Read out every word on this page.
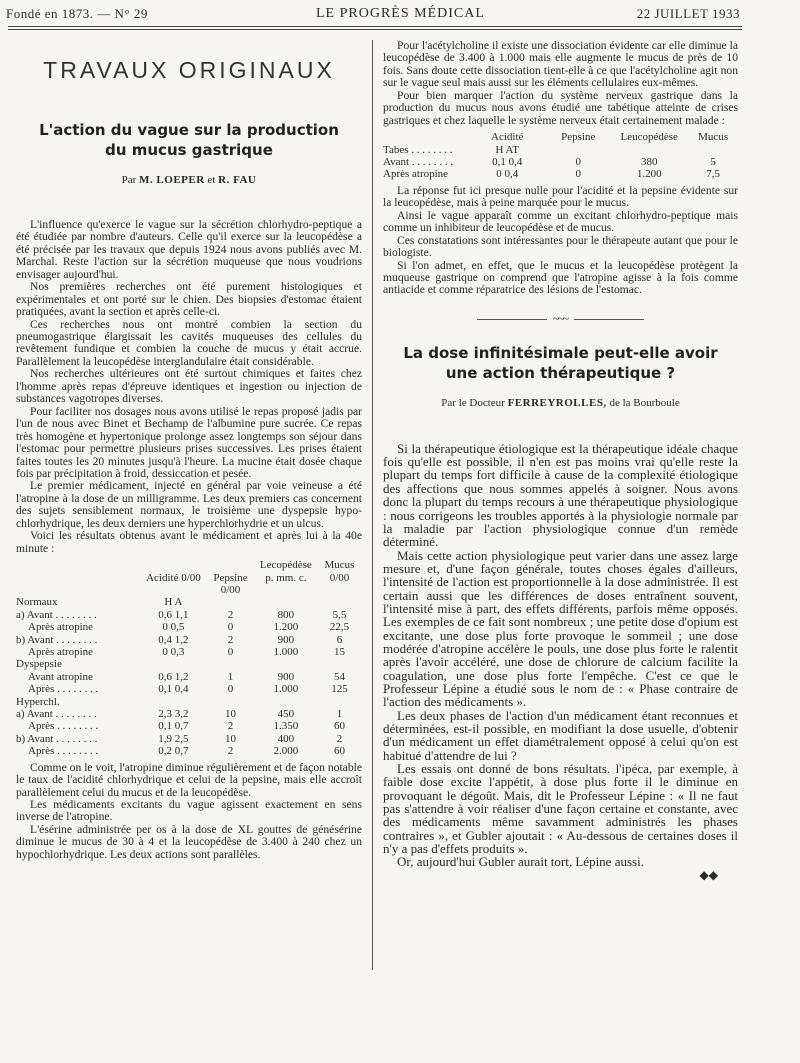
Fondé en 1873. — N° 29	LE PROGRÈS MÉDICAL	22 JUILLET 1933
TRAVAUX ORIGINAUX
L'action du vague sur la production
du mucus gastrique
Par M. LOEPER et R. FAU

L'influence qu'exerce le vague sur la sécrétion chlorhydro-peptique a été étudiée par nombre d'auteurs. Celle qu'il exerce sur la leucopédèse a été précisée par les travaux que depuis 1924 nous avons publiés avec M. Marchal. Reste l'action sur la sécrétion muqueuse que nous voudrions envisager aujourd'hui.

Nos premières recherches ont été purement histologiques et expérimentales et ont porté sur le chien. Des biopsies d'estomac étaient pratiquées, avant la section et après celle-ci.

Ces recherches nous ont montré combien la section du pneumogastrique élargissait les cavités muqueuses des cellules du revêtement fundique et combien la couche de mucus y était accrue. Parallèlement la leucopédèse interglandulaire était considérable.

Nos recherches ultérieures ont été surtout chimiques et faites chez l'homme après repas d'épreuve identiques et ingestion ou injection de substances vagotropes diverses.

Pour faciliter nos dosages nous avons utilisé le repas proposé jadis par l'un de nous avec Binet et Bechamp de l'albumine pure sucrée. Ce repas très homogène et hypertonique prolonge assez longtemps son séjour dans l'estomac pour permettre plusieurs prises successives. Les prises étaient faites toutes les 20 minutes jusqu'à l'heure. La mucine était dosée chaque fois par précipitation à froid, dessiccation et pesée.

Le premier médicament, injecté en général par voie veineuse a été l'atropine à la dose de un milligramme. Les deux premiers cas concernent des sujets sensiblement normaux, le troisième une dyspepsie hypo-chlorhydrique, les deux derniers une hyperchlorhydrie et un ulcus.

Voici les résultats obtenus avant le médicament et après lui à la 40e minute :

			Lecopédèse	Mucus
	Acidité 0/00	Pepsine 0/00	p. mm. c.	0/00
Normaux	H A			
a) Avant . . . . . . . .	0,6 1,1	2	800	5,5
Après atropine	0 0,5	0	1.200	22,5
b) Avant . . . . . . . .	0,4 1,2	2	900	6
Après atropine	0 0,3	0	1.000	15
Dyspepsie				
Avant atropine	0,6 1,2	1	900	54
Après . . . . . . . .	0,1 0,4	0	1.000	125
Hyperchl.				
a) Avant . . . . . . . .	2,3 3,2	10	450	1
Après . . . . . . . .	0,1 0,7	2	1.350	60
b) Avant . . . . . . . .	1,9 2,5	10	400	2
Après . . . . . . . .	0,2 0,7	2	2.000	60

Comme on le voit, l'atropine diminue régulièrement et de façon notable le taux de l'acidité chlorhydrique et celui de la pepsine, mais elle accroît parallèlement celui du mucus et de la leucopédèse.

Les médicaments excitants du vague agissent exactement en sens inverse de l'atropine.

L'ésérine administrée per os à la dose de XL gouttes de génésérine diminue le mucus de 30 à 4 et la leucopédèse de 3.400 à 240 chez un hypochlorhydrique. Les deux actions sont parallèles.

Pour l'acétylcholine il existe une dissociation évidente car elle diminue la leucopédèse de 3.400 à 1.000 mais elle augmente le mucus de près de 10 fois. Sans doute cette dissociation tient-elle à ce que l'acétylcholine agit non sur le vague seul mais aussi sur les éléments cellulaires eux-mêmes.

Pour bien marquer l'action du système nerveux gastrique dans la production du mucus nous avons étudié une tabétique atteinte de crises gastriques et chez laquelle le système nerveux était certainement malade :

	Acidité	Pepsine	Leucopédèse	Mucus
Tabes . . . . . . . .	H AT			
Avant . . . . . . . .	0,1 0,4	0	380	5
Après atropine	0 0,4	0	1.200	7,5

La réponse fut ici presque nulle pour l'acidité et la pepsine évidente sur la leucopédèse, mais à peine marquée pour le mucus.

Ainsi le vague apparaît comme un excitant chlorhydro-peptique mais comme un inhibiteur de leucopédèse et de mucus.

Ces constatations sont intéressantes pour le thérapeute autant que pour le biologiste.

Si l'on admet, en effet, que le mucus et la leucopédèse protègent la muqueuse gastrique on comprend que l'atropine agisse à la fois comme antiacide et comme réparatrice des lésions de l'estomac.

~~~
La dose infinitésimale peut-elle avoir
une action thérapeutique ?
Par le Docteur FERREYROLLES, de la Bourboule

Si la thérapeutique étiologique est la thérapeutique idéale chaque fois qu'elle est possible, il n'en est pas moins vrai qu'elle reste la plupart du temps fort difficile à cause de la complexité étiologique des affections que nous sommes appelés à soigner. Nous avons donc la plupart du temps recours à une thérapeutique physiologique : nous corrigeons les troubles apportés à la physiologie normale par la maladie par l'action physiologique connue d'un remède déterminé.

Mais cette action physiologique peut varier dans une assez large mesure et, d'une façon générale, toutes choses égales d'ailleurs, l'intensité de l'action est proportionnelle à la dose administrée. Il est certain aussi que les différences de doses entraînent souvent, l'intensité mise à part, des effets différents, parfois même opposés. Les exemples de ce fait sont nombreux ; une petite dose d'opium est excitante, une dose plus forte provoque le sommeil ; une dose modérée d'atropine accélère le pouls, une dose plus forte le ralentit après l'avoir accéléré, une dose de chlorure de calcium facilite la coagulation, une dose plus forte l'empêche. C'est ce que le Professeur Lépine a étudié sous le nom de : « Phase contraire de l'action des médicaments ».

Les deux phases de l'action d'un médicament étant reconnues et déterminées, est-il possible, en modifiant la dose usuelle, d'obtenir d'un médicament un effet diamétralement opposé à celui qu'on est habitué d'attendre de lui ?

Les essais ont donné de bons résultats. l'ipéca, par exemple, à faible dose excite l'appétit, à dose plus forte il le diminue en provoquant le dégoût. Mais, dit le Professeur Lépine : « Il ne faut pas s'attendre à voir réaliser d'une façon certaine et constante, avec des médicaments même savamment administrés les phases contraires », et Gubler ajoutait : « Au-dessous de certaines doses il n'y a pas d'effets produits ».

Or, aujourd'hui Gubler aurait tort, Lépine aussi.

◆◆
